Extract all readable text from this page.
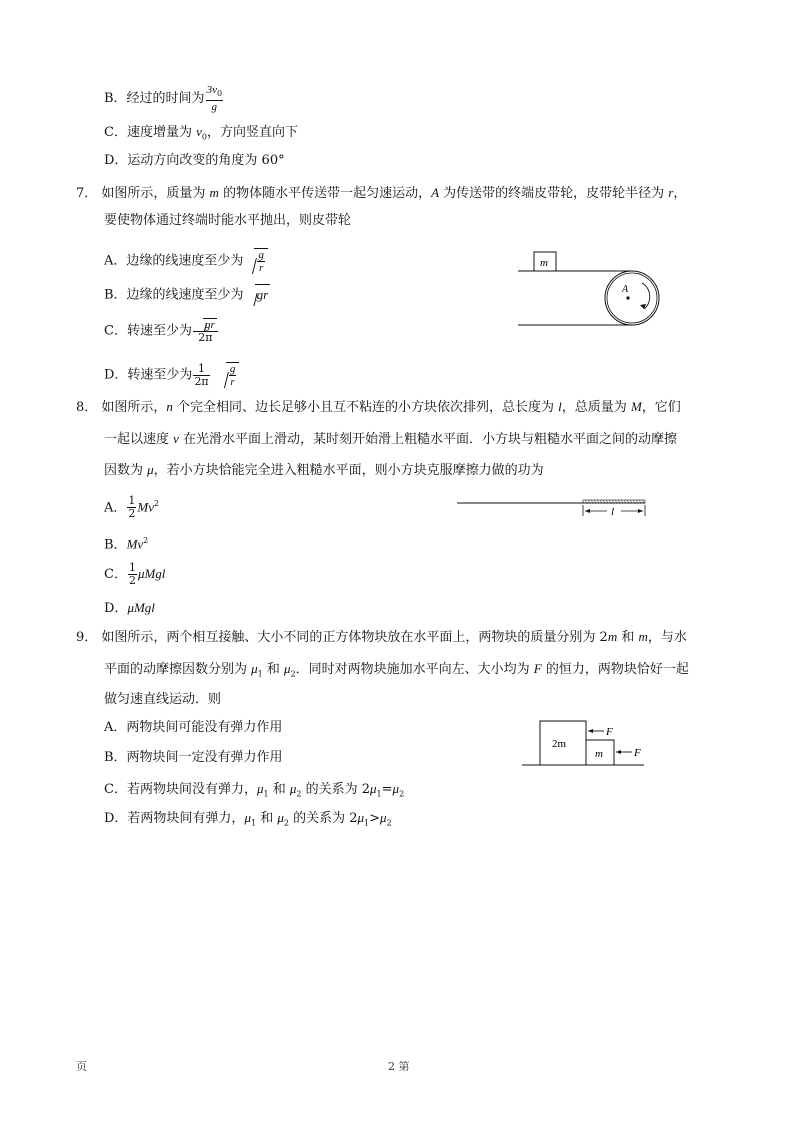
B．经过的时间为 $\frac{3v_0}{g}$
C．速度增量为 $v_0$，方向竖直向下
D．运动方向改变的角度为 60°
7． 如图所示，质量为 m 的物体随水平传送带一起匀速运动，A 为传送带的终端皮带轮，皮带轮半径为 r，
要使物体通过终端时能水平抛出，则皮带轮
A．边缘的线速度至少为 $\frac{g}{r}$
B．边缘的线速度至少为 gr
C．转速至少为 $\frac{gr}{2\pi}$
D．转速至少为 $\frac{1}{2\pi}$
$\frac{g}{r}$
m
A
8． 如图所示，n 个完全相同、边长足够小且互不粘连的小方块依次排列，总长度为 l，总质量为 M，它们
一起以速度 v 在光滑水平面上滑动，某时刻开始滑上粗糙水平面．小方块与粗糙水平面之间的动摩擦
因数为 μ，若小方块恰能完全进入粗糙水平面，则小方块克服摩擦力做的功为
A． $\frac{1}{2} Mv^2$
B．Mv$^2$
C． $\frac{1}{2}$ μMgl
D．μMgl
l
9． 如图所示，两个相互接触、大小不同的正方体物块放在水平面上，两物块的质量分别为 2m 和 m，与水
平面的动摩擦因数分别为 $\mu_1$ 和 $\mu_2$．同时对两物块施加水平向左、大小均为 F 的恒力，两物块恰好一起
做匀速直线运动．则
A．两物块间可能没有弹力作用
B．两物块间一定没有弹力作用
C．若两物块间没有弹力，$\mu_1$ 和 $\mu_2$ 的关系为 $2\mu_1=\mu_2$
D．若两物块间有弹力，$\mu_1$ 和 $\mu_2$ 的关系为 $2\mu_1>\mu_2$
2m
m
F
F
页	2 第
